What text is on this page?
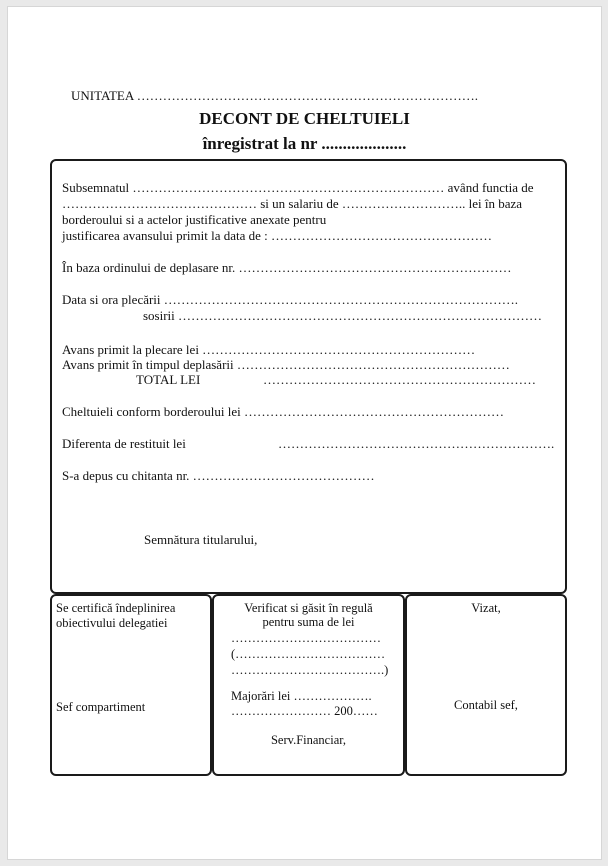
UNITATEA …………………………………………………………………….
DECONT DE CHELTUIELI
înregistrat la nr ....................
Subsemnatul ……………………………………………………………… având functia de
……………………………………… si un salariu de ……………………….. lei în baza
borderoului si a actelor justificative anexate pentru
justificarea avansului primit la data de : ……………………………………………
În baza ordinului de deplasare nr. ………………………………………………………
Data si ora plecării ……………………………………………………………………….
sosirii …………………………………………………………………………
Avans primit la plecare lei ………………………………………………………
Avans primit în timpul deplasării ………………………………………………………
TOTAL LEI	………………………………………………………
Cheltuieli conform borderoului lei ……………………………………………………
Diferenta de restituit lei	……………………………………………………….
S-a depus cu chitanta nr. ……………………………………
Semnătura titularului,
Se certifică îndeplinirea
obiectivului delegatiei
Sef compartiment
Verificat si găsit în regulă
pentru suma de lei
………………………………
(………………………………
……………………………….)
Majorări lei ……………….
…………………… 200……
Serv.Financiar,
Vizat,
Contabil sef,
